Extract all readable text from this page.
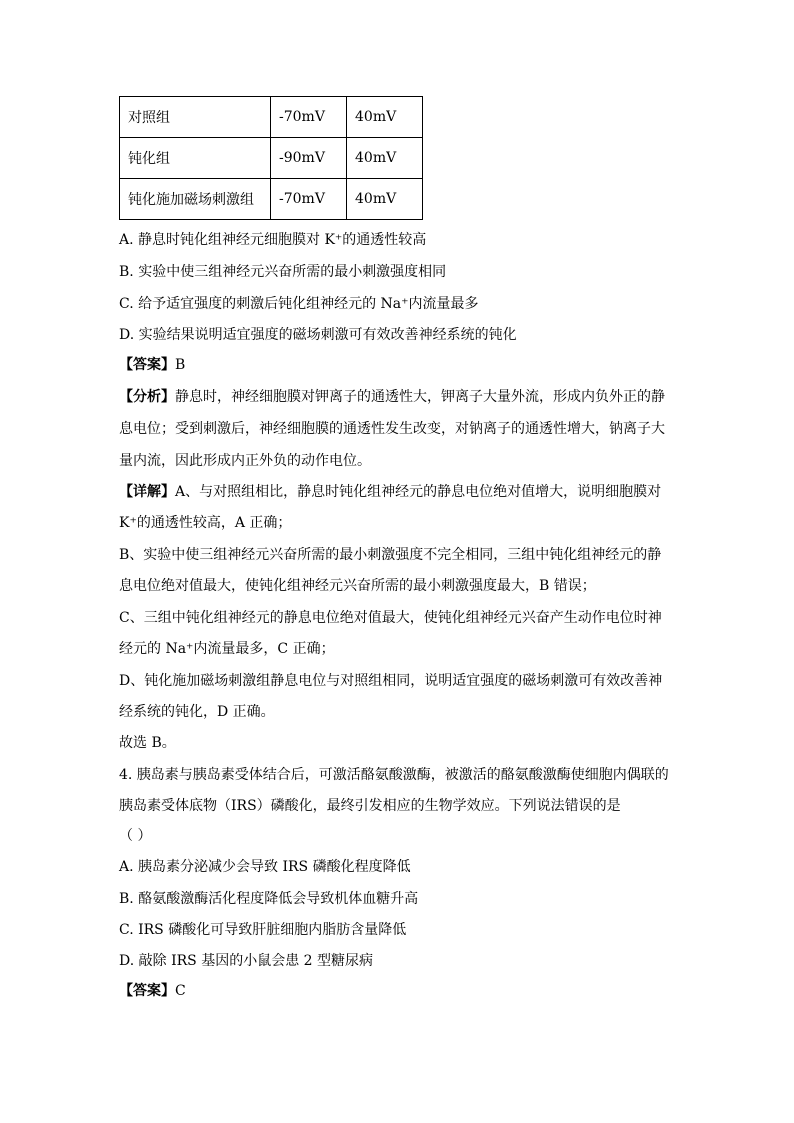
对照组	-70mV	40mV
钝化组	-90mV	40mV
钝化施加磁场刺激组	-70mV	40mV
A. 静息时钝化组神经元细胞膜对 K⁺的通透性较高
B. 实验中使三组神经元兴奋所需的最小刺激强度相同
C. 给予适宜强度的刺激后钝化组神经元的 Na⁺内流量最多
D. 实验结果说明适宜强度的磁场刺激可有效改善神经系统的钝化
【答案】B
【分析】静息时，神经细胞膜对钾离子的通透性大，钾离子大量外流，形成内负外正的静
息电位；受到刺激后，神经细胞膜的通透性发生改变，对钠离子的通透性增大，钠离子大
量内流，因此形成内正外负的动作电位。
【详解】A、与对照组相比，静息时钝化组神经元的静息电位绝对值增大，说明细胞膜对
K⁺的通透性较高，A 正确；
B、实验中使三组神经元兴奋所需的最小刺激强度不完全相同，三组中钝化组神经元的静
息电位绝对值最大，使钝化组神经元兴奋所需的最小刺激强度最大，B 错误；
C、三组中钝化组神经元的静息电位绝对值最大，使钝化组神经元兴奋产生动作电位时神
经元的 Na⁺内流量最多，C 正确；
D、钝化施加磁场刺激组静息电位与对照组相同，说明适宜强度的磁场刺激可有效改善神
经系统的钝化，D 正确。
故选 B。
4. 胰岛素与胰岛素受体结合后，可激活酪氨酸激酶，被激活的酪氨酸激酶使细胞内偶联的
胰岛素受体底物（IRS）磷酸化，最终引发相应的生物学效应。下列说法错误的是
（ ）
A. 胰岛素分泌减少会导致 IRS 磷酸化程度降低
B. 酪氨酸激酶活化程度降低会导致机体血糖升高
C. IRS 磷酸化可导致肝脏细胞内脂肪含量降低
D. 敲除 IRS 基因的小鼠会患 2 型糖尿病
【答案】C
